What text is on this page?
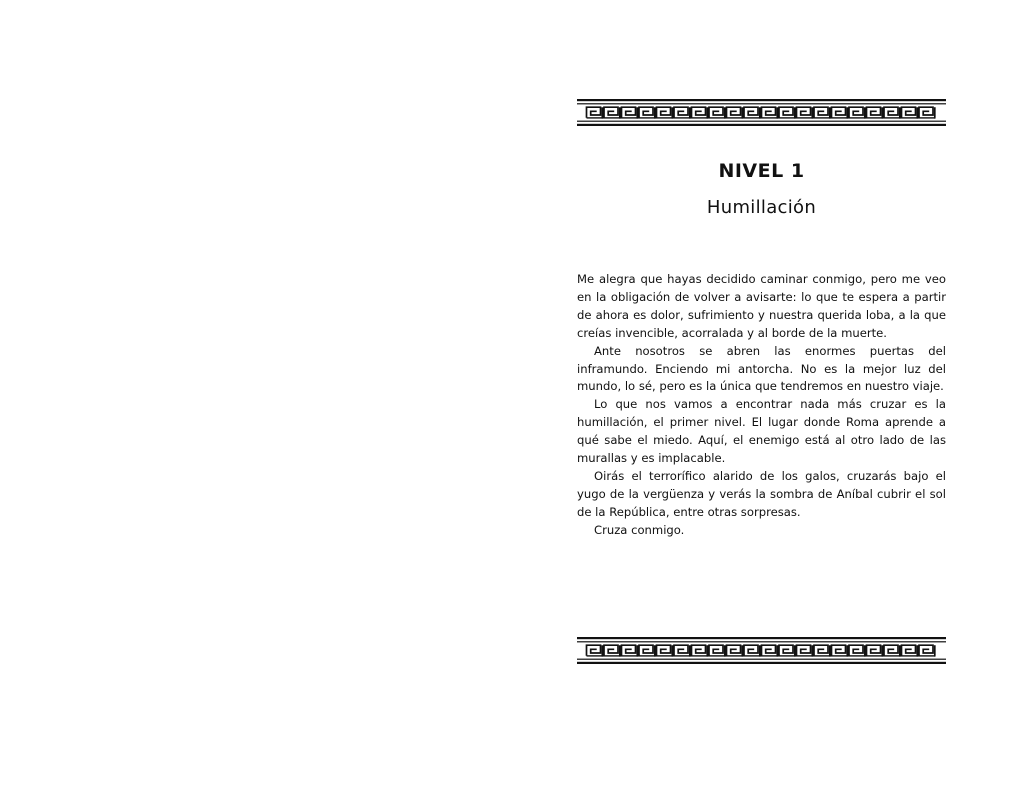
NIVEL 1
Humillación

Me alegra que hayas decidido caminar conmigo, pero me veo en la obligación de volver a avisarte: lo que te espera a partir de ahora es dolor, sufrimiento y nuestra querida loba, a la que creías invencible, acorralada y al borde de la muerte.

Ante nosotros se abren las enormes puertas del inframundo. Enciendo mi antorcha. No es la mejor luz del mundo, lo sé, pero es la única que tendremos en nuestro viaje.

Lo que nos vamos a encontrar nada más cruzar es la humillación, el primer nivel. El lugar donde Roma aprende a qué sabe el miedo. Aquí, el enemigo está al otro lado de las murallas y es implacable.

Oirás el terrorífico alarido de los galos, cruzarás bajo el yugo de la vergüenza y verás la sombra de Aníbal cubrir el sol de la República, entre otras sorpresas.

Cruza conmigo.
